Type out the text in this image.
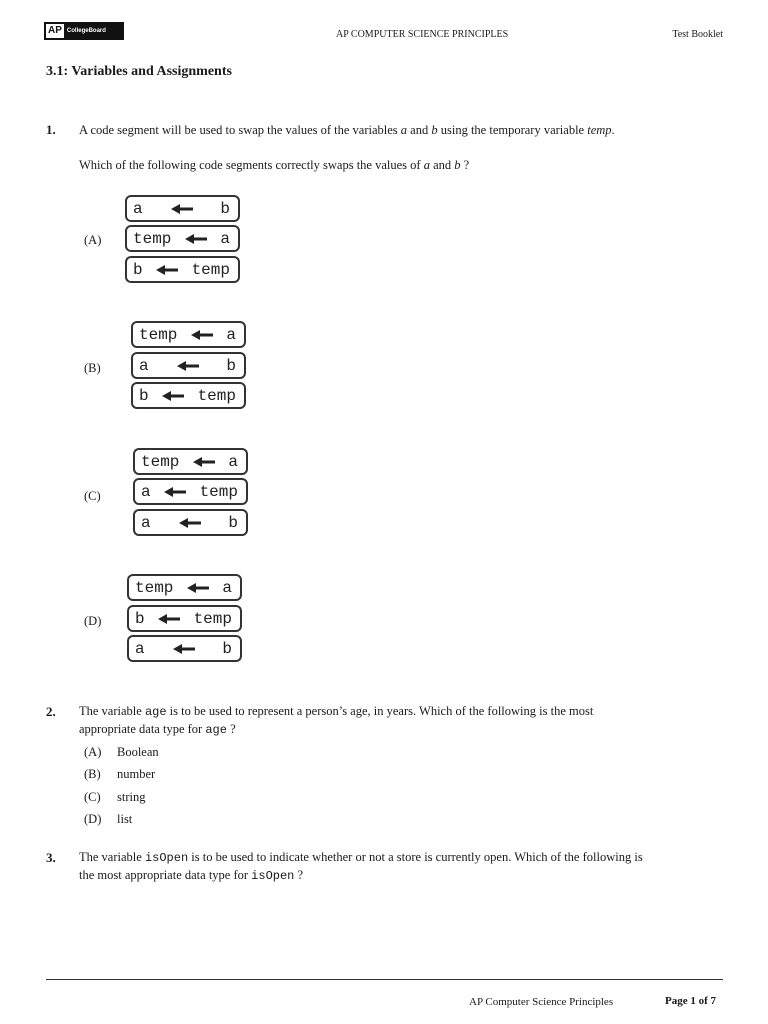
AP CollegeBoard	AP COMPUTER SCIENCE PRINCIPLES	Test Booklet
3.1: Variables and Assignments
1. A code segment will be used to swap the values of the variables a and b using the temporary variable temp.
Which of the following code segments correctly swaps the values of a and b ?
(A)
a	b
temp	a
b	temp
(B)
temp	a
a	b
b	temp
(C)
temp	a
a	temp
a	b
(D)
temp	a
b	temp
a	b
2. The variable age is to be used to represent a person’s age, in years. Which of the following is the most
appropriate data type for age ?
(A) Boolean
(B) number
(C) string
(D) list
3. The variable isOpen is to be used to indicate whether or not a store is currently open. Which of the following is
the most appropriate data type for isOpen ?
AP Computer Science Principles	Page 1 of 7
